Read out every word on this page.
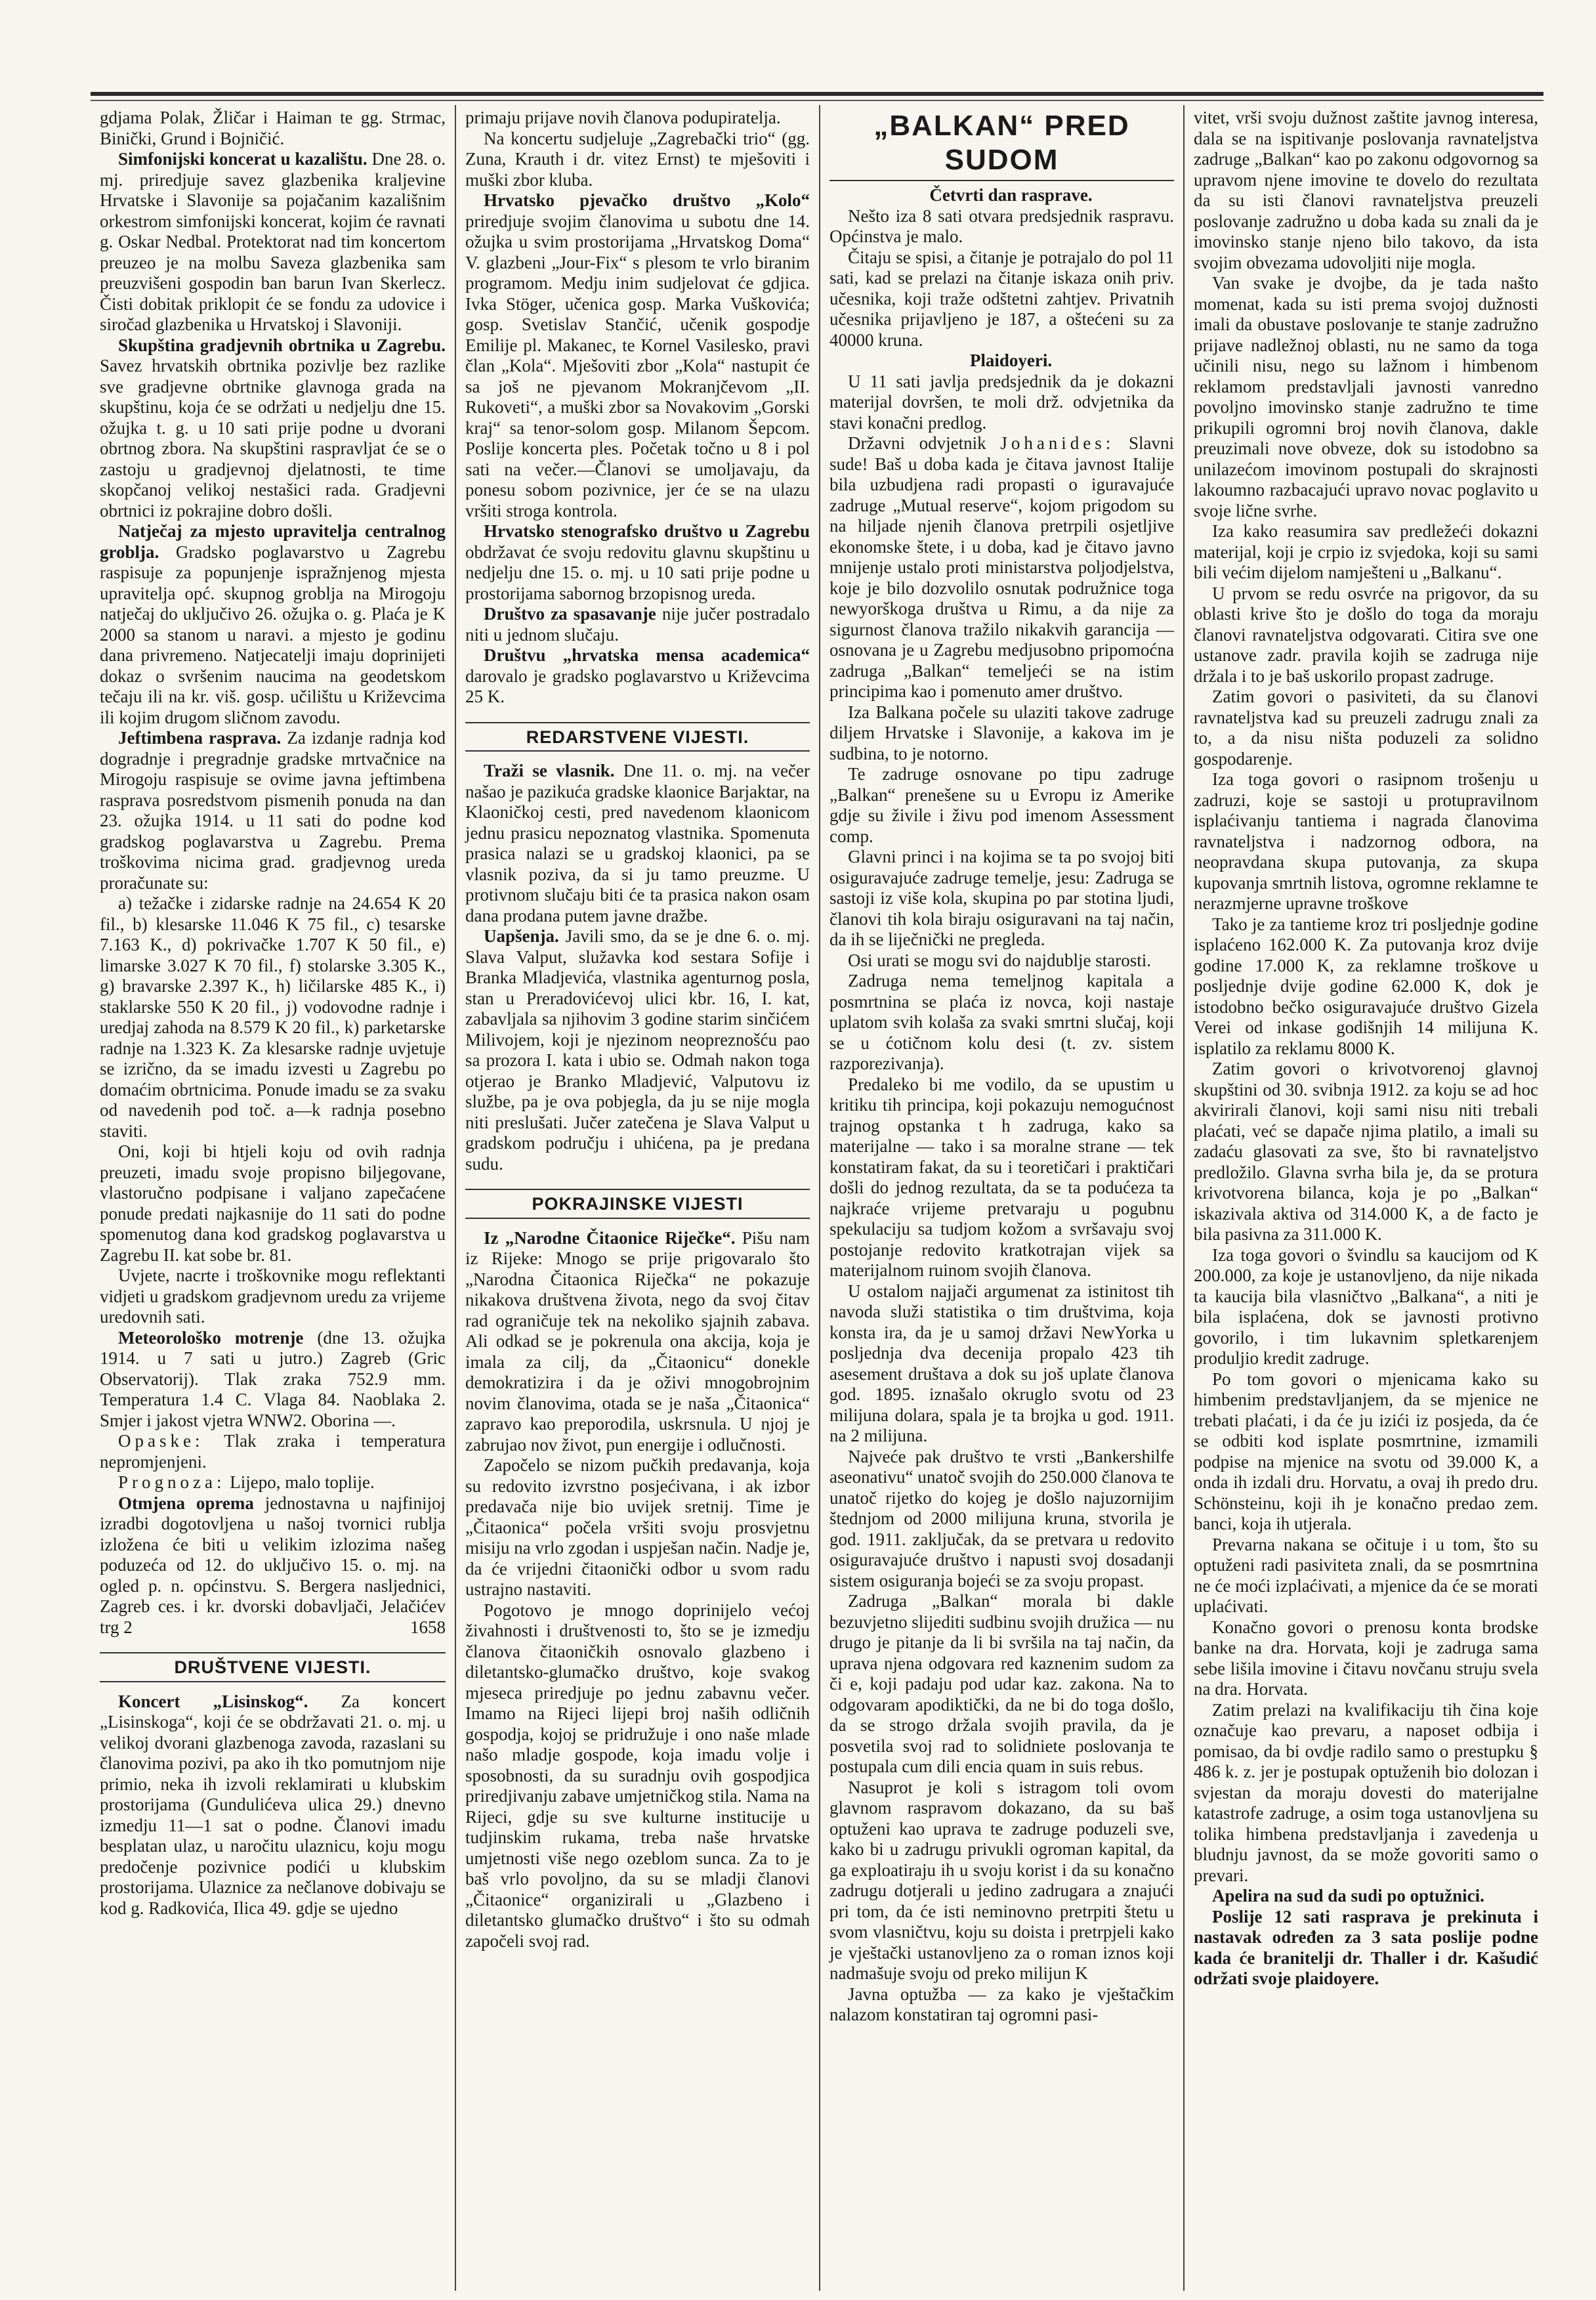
gdjama Polak, Žličar i Haiman te gg. Strmac, Binički, Grund i Bojničić.

Simfonijski koncerat u kazalištu. Dne 28. o. mj. priredjuje savez glazbenika kraljevine Hrvatske i Slavonije sa pojačanim kazališnim orkestrom simfonijski koncerat, kojim će ravnati g. Oskar Nedbal. Protektorat nad tim koncertom preuzeo je na molbu Saveza glazbenika sam preuzvišeni gospodin ban barun Ivan Skerlecz. Čisti dobitak priklopit će se fondu za udovice i siročad glazbenika u Hrvatskoj i Slavoniji.

Skupština gradjevnih obrtnika u Zagrebu. Savez hrvatskih obrtnika pozivlje bez razlike sve gradjevne obrtnike glavnoga grada na skupštinu, koja će se održati u nedjelju dne 15. ožujka t. g. u 10 sati prije podne u dvorani obrtnog zbora. Na skupštini raspravljat će se o zastoju u gradjevnoj djelatnosti, te time skopčanoj velikoj nestašici rada. Gradjevni obrtnici iz pokrajine dobro došli.

Natječaj za mjesto upravitelja centralnog groblja. Gradsko poglavarstvo u Zagrebu raspisuje za popunjenje ispražnjenog mjesta upravitelja opć. skupnog groblja na Mirogoju natječaj do uključivo 26. ožujka o. g. Plaća je K 2000 sa stanom u naravi. a mjesto je godinu dana privremeno. Natjecatelji imaju doprinijeti dokaz o svršenim naucima na geodetskom tečaju ili na kr. viš. gosp. učilištu u Križevcima ili kojim drugom sličnom zavodu.

Jeftimbena rasprava. Za izdanje radnja kod dogradnje i pregradnje gradske mrtvačnice na Mirogoju raspisuje se ovime javna jeftimbena rasprava posredstvom pismenih ponuda na dan 23. ožujka 1914. u 11 sati do podne kod gradskog poglavarstva u Zagrebu. Prema troškovima nicima grad. gradjevnog ureda proračunate su:

a) težačke i zidarske radnje na 24.654 K 20 fil., b) klesarske 11.046 K 75 fil., c) tesarske 7.163 K., d) pokrivačke 1.707 K 50 fil., e) limarske 3.027 K 70 fil., f) stolarske 3.305 K., g) bravarske 2.397 K., h) ličilarske 485 K., i) staklarske 550 K 20 fil., j) vodovodne radnje i uredjaj zahoda na 8.579 K 20 fil., k) parketarske radnje na 1.323 K. Za klesarske radnje uvjetuje se izrično, da se imadu izvesti u Zagrebu po domaćim obrtnicima. Ponude imadu se za svaku od navedenih pod toč. a—k radnja posebno staviti.

Oni, koji bi htjeli koju od ovih radnja preuzeti, imadu svoje propisno biljegovane, vlastoručno podpisane i valjano zapečaćene ponude predati najkasnije do 11 sati do podne spomenutog dana kod gradskog poglavarstva u Zagrebu II. kat sobe br. 81.

Uvjete, nacrte i troškovnike mogu reflektanti vidjeti u gradskom gradjevnom uredu za vrijeme uredovnih sati.

Meteorološko motrenje (dne 13. ožujka 1914. u 7 sati u jutro.) Zagreb (Gric Observatorij). Tlak zraka 752.9 mm. Temperatura 1.4 C. Vlaga 84. Naoblaka 2. Smjer i jakost vjetra WNW2. Oborina —.

Opaske: Tlak zraka i temperatura nepromjenjeni.

Prognoza: Lijepo, malo toplije.

Otmjena oprema jednostavna u najfinijoj izradbi dogotovljena u našoj tvornici rublja izložena će biti u velikim izlozima našeg poduzeća od 12. do uključivo 15. o. mj. na ogled p. n. općinstvu. S. Bergera nasljednici, Zagreb ces. i kr. dvorski dobavljači, Jelačićev trg 2	1658

DRUŠTVENE VIJESTI.

Koncert „Lisinskog“. Za koncert „Lisinskoga“, koji će se obdržavati 21. o. mj. u velikoj dvorani glazbenoga zavoda, razaslani su članovima pozivi, pa ako ih tko pomutnjom nije primio, neka ih izvoli reklamirati u klubskim prostorijama (Gundulićeva ulica 29.) dnevno izmedju 11—1 sat o podne. Članovi imadu besplatan ulaz, u naročitu ulaznicu, koju mogu predočenje pozivnice podići u klubskim prostorijama. Ulaznice za nečlanove dobivaju se kod g. Radkovića, Ilica 49. gdje se ujedno

primaju prijave novih članova podupiratelja.

Na koncertu sudjeluje „Zagrebački trio“ (gg. Zuna, Krauth i dr. vitez Ernst) te mješoviti i muški zbor kluba.

Hrvatsko pjevačko društvo „Kolo“ priredjuje svojim članovima u subotu dne 14. ožujka u svim prostorijama „Hrvatskog Doma“ V. glazbeni „Jour-Fix“ s plesom te vrlo biranim programom. Medju inim sudjelovat će gdjica. Ivka Stöger, učenica gosp. Marka Vuškovića; gosp. Svetislav Stančić, učenik gospodje Emilije pl. Makanec, te Kornel Vasilesko, pravi član „Kola“. Mješoviti zbor „Kola“ nastupit će sa još ne pjevanom Mokranjčevom „II. Rukoveti“, a muški zbor sa Novakovim „Gorski kraj“ sa tenor-solom gosp. Milanom Šepcom. Poslije koncerta ples. Početak točno u 8 i pol sati na večer.—Članovi se umoljavaju, da ponesu sobom pozivnice, jer će se na ulazu vršiti stroga kontrola.

Hrvatsko stenografsko društvo u Zagrebu obdržavat će svoju redovitu glavnu skupštinu u nedjelju dne 15. o. mj. u 10 sati prije podne u prostorijama sabornog brzopisnog ureda.

Društvo za spasavanje nije jučer postradalo niti u jednom slučaju.

Društvu „hrvatska mensa academica“ darovalo je gradsko poglavarstvo u Križevcima 25 K.

REDARSTVENE VIJESTI.

Traži se vlasnik. Dne 11. o. mj. na večer našao je pazikuća gradske klaonice Barjaktar, na Klaoničkoj cesti, pred navedenom klaonicom jednu prasicu nepoznatog vlastnika. Spomenuta prasica nalazi se u gradskoj klaonici, pa se vlasnik poziva, da si ju tamo preuzme. U protivnom slučaju biti će ta prasica nakon osam dana prodana putem javne dražbe.

Uapšenja. Javili smo, da se je dne 6. o. mj. Slava Valput, služavka kod sestara Sofije i Branka Mladjevića, vlastnika agenturnog posla, stan u Preradovićevoj ulici kbr. 16, I. kat, zabavljala sa njihovim 3 godine starim sinčićem Milivojem, koji je njezinom neopreznošću pao sa prozora I. kata i ubio se. Odmah nakon toga otjerao je Branko Mladjević, Valputovu iz službe, pa je ova pobjegla, da ju se nije mogla niti preslušati. Jučer zatečena je Slava Valput u gradskom području i uhićena, pa je predana sudu.

POKRAJINSKE VIJESTI

Iz „Narodne Čitaonice Riječke“. Pišu nam iz Rijeke: Mnogo se prije prigovaralo što „Narodna Čitaonica Riječka“ ne pokazuje nikakova društvena života, nego da svoj čitav rad ograničuje tek na nekoliko sjajnih zabava. Ali odkad se je pokrenula ona akcija, koja je imala za cilj, da „Čitaonicu“ donekle demokratizira i da je oživi mnogobrojnim novim članovima, otada se je naša „Čitaonica“ zapravo kao preporodila, uskrsnula. U njoj je zabrujao nov život, pun energije i odlučnosti.

Započelo se nizom pučkih predavanja, koja su redovito izvrstno posjećivana, i ak izbor predavača nije bio uvijek sretnij. Time je „Čitaonica“ počela vršiti svoju prosvjetnu misiju na vrlo zgodan i uspješan način. Nadje je, da će vrijedni čitaonički odbor u svom radu ustrajno nastaviti.

Pogotovo je mnogo doprinijelo većoj živahnosti i društvenosti to, što se je izmedju članova čitaoničkih osnovalo glazbeno i diletantsko-glumačko društvo, koje svakog mjeseca priredjuje po jednu zabavnu večer. Imamo na Rijeci lijepi broj naših odličnih gospodja, kojoj se pridružuje i ono naše mlade našo mladje gospode, koja imadu volje i sposobnosti, da su suradnju ovih gospodjica priredjivanju zabave umjetničkog stila. Nama na Rijeci, gdje su sve kulturne institucije u tudjinskim rukama, treba naše hrvatske umjetnosti više nego ozeblom sunca. Za to je baš vrlo povoljno, da su se mladji članovi „Čitaonice“ organizirali u „Glazbeno i diletantsko glumačko društvo“ i što su odmah započeli svoj rad.

„BALKAN“ PRED SUDOM

Četvrti dan rasprave.

Nešto iza 8 sati otvara predsjednik raspravu. Općinstva je malo.

Čitaju se spisi, a čitanje je potrajalo do pol 11 sati, kad se prelazi na čitanje iskaza onih priv. učesnika, koji traže odštetni zahtjev. Privatnih učesnika prijavljeno je 187, a oštećeni su za 40000 kruna.

Plaidoyeri.

U 11 sati javlja predsjednik da je dokazni materijal dovršen, te moli drž. odvjetnika da stavi konačni predlog.

Državni odvjetnik Johanides: Slavni sude! Baš u doba kada je čitava javnost Italije bila uzbudjena radi propasti o iguravajuće zadruge „Mutual reserve“, kojom prigodom su na hiljade njenih članova pretrpili osjetljive ekonomske štete, i u doba, kad je čitavo javno mnijenje ustalo proti ministarstva poljodjelstva, koje je bilo dozvolilo osnutak podružnice toga newyorškoga društva u Rimu, a da nije za sigurnost članova tražilo nikakvih garancija — osnovana je u Zagrebu medjusobno pripomoćna zadruga „Balkan“ temeljeći se na istim principima kao i pomenuto amer društvo.

Iza Balkana počele su ulaziti takove zadruge diljem Hrvatske i Slavonije, a kakova im je sudbina, to je notorno.

Te zadruge osnovane po tipu zadruge „Balkan“ prenešene su u Evropu iz Amerike gdje su živile i živu pod imenom Assessment comp.

Glavni princi i na kojima se ta po svojoj biti osiguravajuće zadruge temelje, jesu: Zadruga se sastoji iz više kola, skupina po par stotina ljudi, članovi tih kola biraju osiguravani na taj način, da ih se liječnički ne pregleda.

Osi urati se mogu svi do najdublje starosti.

Zadruga nema temeljnog kapitala a posmrtnina se plaća iz novca, koji nastaje uplatom svih kolaša za svaki smrtni slučaj, koji se u ćotičnom kolu desi (t. zv. sistem razporezivanja).

Predaleko bi me vodilo, da se upustim u kritiku tih principa, koji pokazuju nemogućnost trajnog opstanka t h zadruga, kako sa materijalne — tako i sa moralne strane — tek konstatiram fakat, da su i teoretičari i praktičari došli do jednog rezultata, da se ta podućeza ta najkraće vrijeme pretvaraju u pogubnu spekulaciju sa tudjom kožom a svršavaju svoj postojanje redovito kratkotrajan vijek sa materijalnom ruinom svojih članova.

U ostalom najjači argumenat za istinitost tih navoda služi statistika o tim društvima, koja konsta ira, da je u samoj državi NewYorka u posljednja dva decenija propalo 423 tih asesement društava a dok su još uplate članova god. 1895. iznašalo okruglo svotu od 23 milijuna dolara, spala je ta brojka u god. 1911. na 2 milijuna.

Najveće pak društvo te vrsti „Bankershilfe aseonativu“ unatoč svojih do 250.000 članova te unatoč rijetko do kojeg je došlo najuzornijim štednjom od 2000 milijuna kruna, stvorila je god. 1911. zaključak, da se pretvara u redovito osiguravajuće društvo i napusti svoj dosadanji sistem osiguranja bojeći se za svoju propast.

Zadruga „Balkan“ morala bi dakle bezuvjetno slijediti sudbinu svojih družica — nu drugo je pitanje da li bi svršila na taj način, da uprava njena odgovara red kaznenim sudom za či e, koji padaju pod udar kaz. zakona. Na to odgovaram apodiktički, da ne bi do toga došlo, da se strogo držala svojih pravila, da je posvetila svoj rad to solidniete poslovanja te postupala cum dili encia quam in suis rebus.

Nasuprot je koli s istragom toli ovom glavnom raspravom dokazano, da su baš optuženi kao uprava te zadruge poduzeli sve, kako bi u zadrugu privukli ogroman kapital, da ga exploatiraju ih u svoju korist i da su konačno zadrugu dotjerali u jedino zadrugara a znajući pri tom, da će isti neminovno pretrpiti štetu u svom vlasničtvu, koju su doista i pretrpjeli kako je vještački ustanovljeno za o roman iznos koji nadmašuje svoju od preko milijun K

Javna optužba — za kako je vještačkim nalazom konstatiran taj ogromni pasi-

vitet, vrši svoju dužnost zaštite javnog interesa, dala se na ispitivanje poslovanja ravnateljstva zadruge „Balkan“ kao po zakonu odgovornog sa upravom njene imovine te dovelo do rezultata da su isti članovi ravnateljstva preuzeli poslovanje zadružno u doba kada su znali da je imovinsko stanje njeno bilo takovo, da ista svojim obvezama udovoljiti nije mogla.

Van svake je dvojbe, da je tada našto momenat, kada su isti prema svojoj dužnosti imali da obustave poslovanje te stanje zadružno prijave nadležnoj oblasti, nu ne samo da toga učinili nisu, nego su lažnom i himbenom reklamom predstavljali javnosti vanredno povoljno imovinsko stanje zadružno te time prikupili ogromni broj novih članova, dakle preuzimali nove obveze, dok su istodobno sa unilazećom imovinom postupali do skrajnosti lakoumno razbacajući upravo novac poglavito u svoje lične svrhe.

Iza kako reasumira sav predležeći dokazni materijal, koji je crpio iz svjedoka, koji su sami bili većim dijelom namješteni u „Balkanu“.

U prvom se redu osvrće na prigovor, da su oblasti krive što je došlo do toga da moraju članovi ravnateljstva odgovarati. Citira sve one ustanove zadr. pravila kojih se zadruga nije držala i to je baš uskorilo propast zadruge.

Zatim govori o pasiviteti, da su članovi ravnateljstva kad su preuzeli zadrugu znali za to, a da nisu ništa poduzeli za solidno gospodarenje.

Iza toga govori o rasipnom trošenju u zadruzi, koje se sastoji u protupravilnom isplaćivanju tantiema i nagrada članovima ravnateljstva i nadzornog odbora, na neopravdana skupa putovanja, za skupa kupovanja smrtnih listova, ogromne reklamne te nerazmjerne upravne troškove

Tako je za tantieme kroz tri posljednje godine isplaćeno 162.000 K. Za putovanja kroz dvije godine 17.000 K, za reklamne troškove u posljednje dvije godine 62.000 K, dok je istodobno bečko osiguravajuće društvo Gizela Verei od inkase godišnjih 14 milijuna K. isplatilo za reklamu 8000 K.

Zatim govori o krivotvorenoj glavnoj skupštini od 30. svibnja 1912. za koju se ad hoc akvirirali članovi, koji sami nisu niti trebali plaćati, već se dapače njima platilo, a imali su zadaću glasovati za sve, što bi ravnateljstvo predložilo. Glavna svrha bila je, da se protura krivotvorena bilanca, koja je po „Balkan“ iskazivala aktiva od 314.000 K, a de facto je bila pasivna za 311.000 K.

Iza toga govori o švindlu sa kaucijom od K 200.000, za koje je ustanovljeno, da nije nikada ta kaucija bila vlasničtvo „Balkana“, a niti je bila isplaćena, dok se javnosti protivno govorilo, i tim lukavnim spletkarenjem produljio kredit zadruge.

Po tom govori o mjenicama kako su himbenim predstavljanjem, da se mjenice ne trebati plaćati, i da će ju izići iz posjeda, da će se odbiti kod isplate posmrtnine, izmamili podpise na mjenice na svotu od 39.000 K, a onda ih izdali dru. Horvatu, a ovaj ih predo dru. Schönsteinu, koji ih je konačno predao zem. banci, koja ih utjerala.

Prevarna nakana se očituje i u tom, što su optuženi radi pasiviteta znali, da se posmrtnina ne će moći izplaćivati, a mjenice da će se morati uplaćivati.

Konačno govori o prenosu konta brodske banke na dra. Horvata, koji je zadruga sama sebe lišila imovine i čitavu novčanu struju svela na dra. Horvata.

Zatim prelazi na kvalifikaciju tih čina koje označuje kao prevaru, a naposet odbija i pomisao, da bi ovdje radilo samo o prestupku § 486 k. z. jer je postupak optuženih bio dolozan i svjestan da moraju dovesti do materijalne katastrofe zadruge, a osim toga ustanovljena su tolika himbena predstavljanja i zavedenja u bludnju javnost, da se može govoriti samo o prevari.

Apelira na sud da sudi po optužnici.

Poslije 12 sati rasprava je prekinuta i nastavak određen za 3 sata poslije podne kada će branitelji dr. Thaller i dr. Kašudić održati svoje plaidoyere.
